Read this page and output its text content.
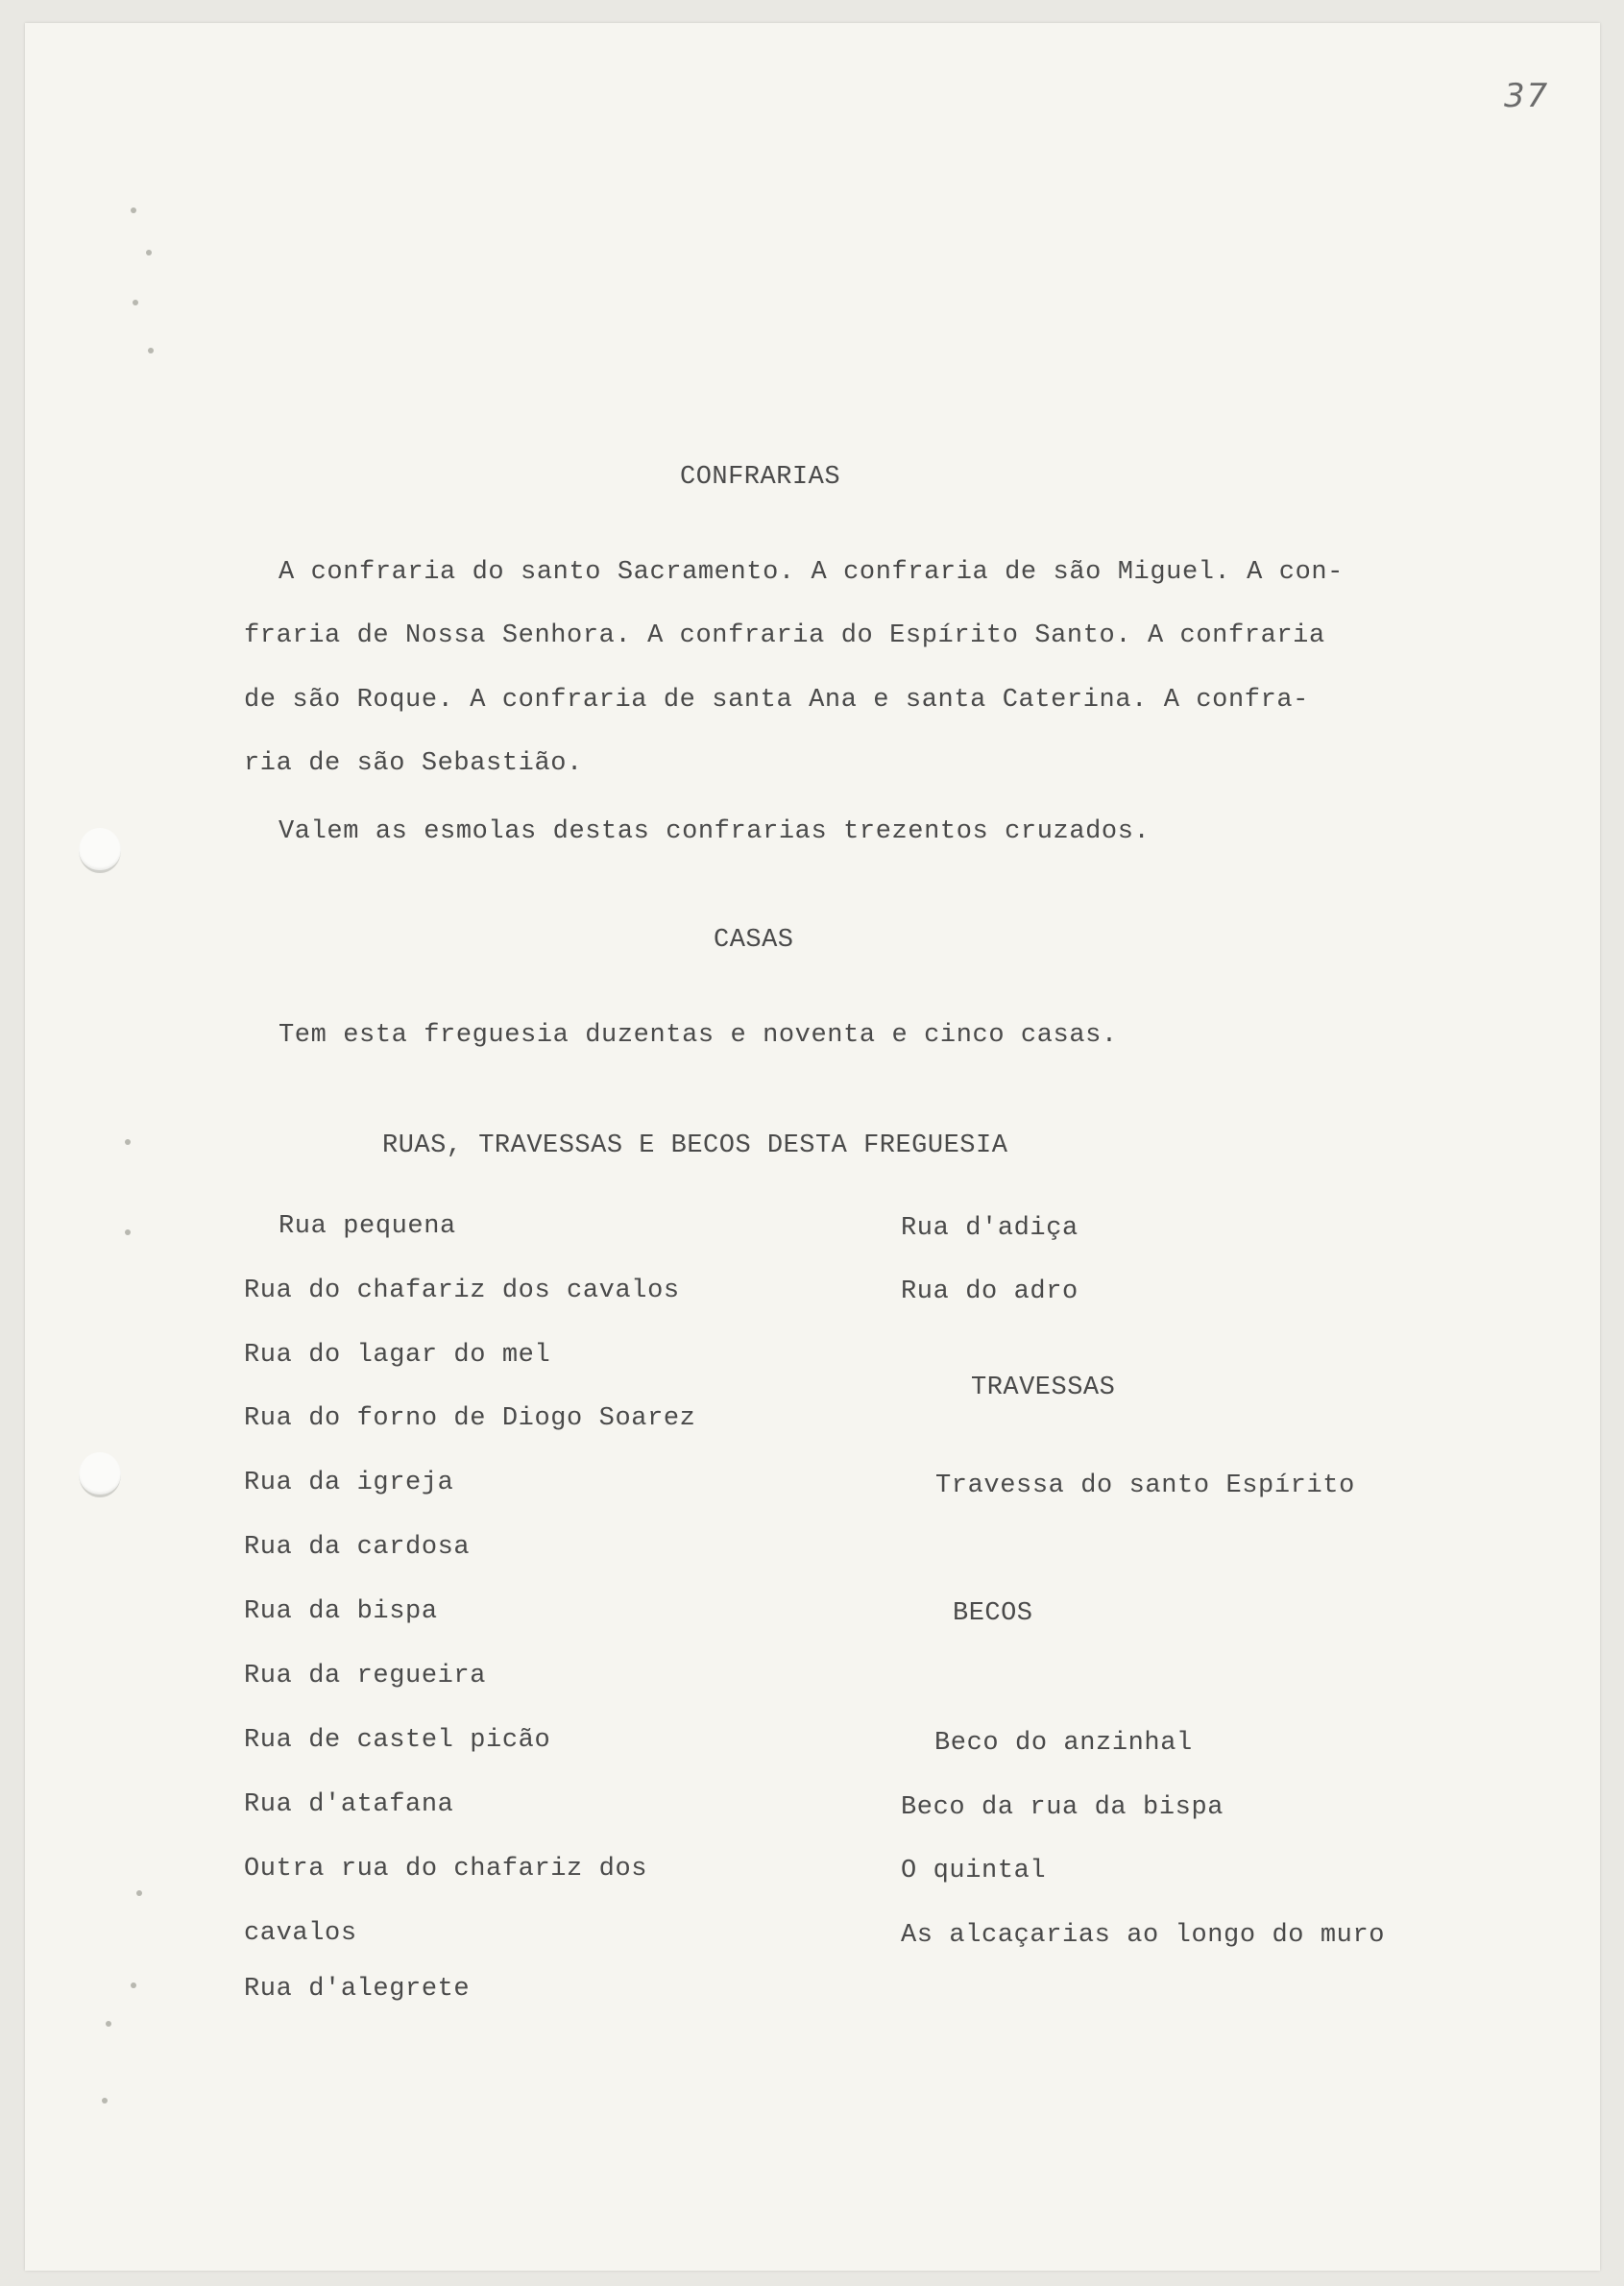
37
CONFRARIAS
A confraria do santo Sacramento. A confraria de são Miguel. A con-
fraria de Nossa Senhora. A confraria do Espírito Santo. A confraria
de são Roque. A confraria de santa Ana e santa Caterina. A confra-
ria de são Sebastião.
Valem as esmolas destas confrarias trezentos cruzados.
CASAS
Tem esta freguesia duzentas e noventa e cinco casas.
RUAS, TRAVESSAS E BECOS DESTA FREGUESIA
Rua pequena
Rua do chafariz dos cavalos
Rua do lagar do mel
Rua do forno de Diogo Soarez
Rua da igreja
Rua da cardosa
Rua da bispa
Rua da regueira
Rua de castel picão
Rua d'atafana
Outra rua do chafariz dos
cavalos
Rua d'alegrete
Rua d'adiça
Rua do adro
TRAVESSAS
Travessa do santo Espírito
BECOS
Beco do anzinhal
Beco da rua da bispa
O quintal
As alcaçarias ao longo do muro
